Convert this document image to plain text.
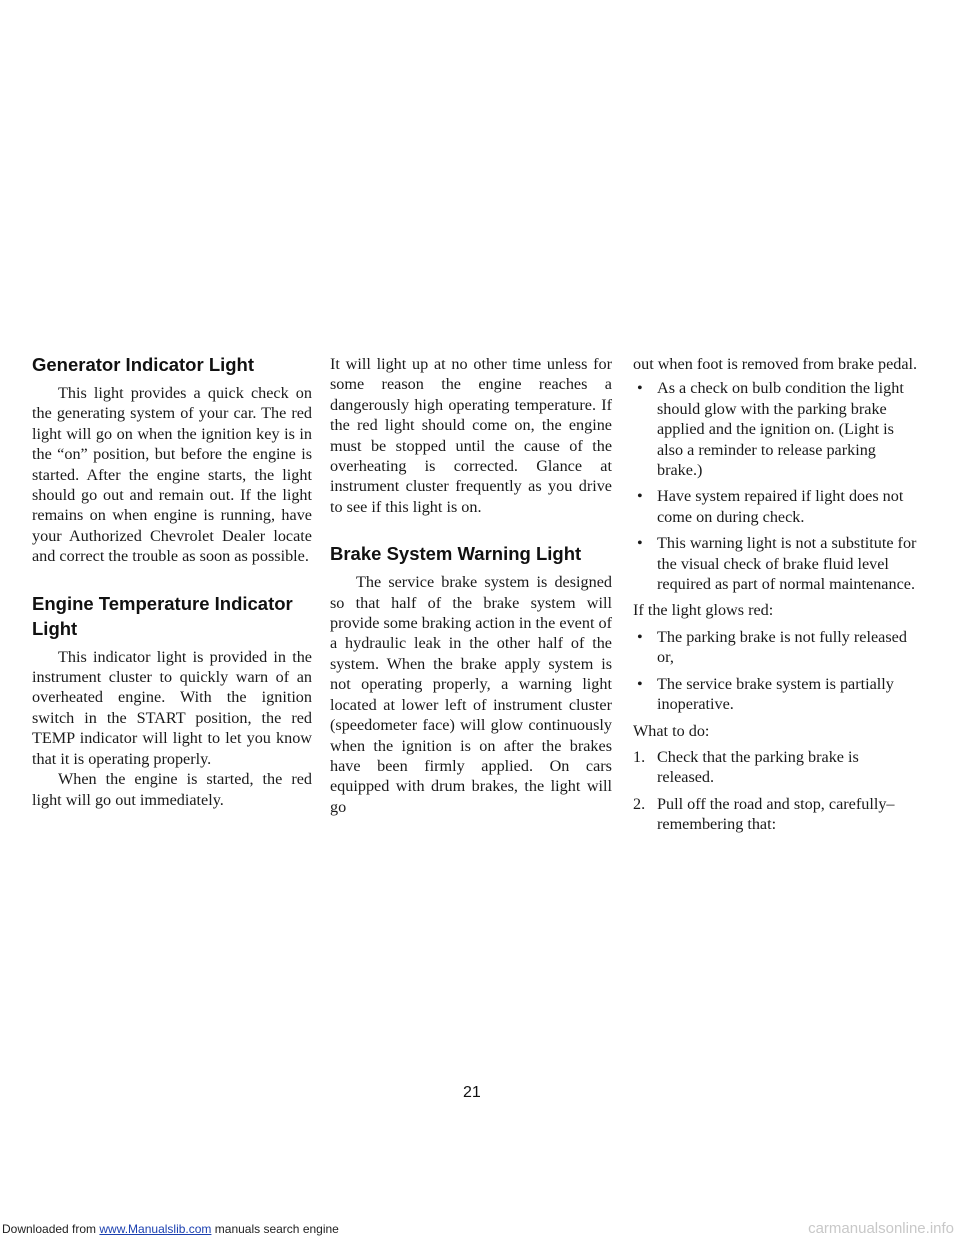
Generator Indicator Light

This light provides a quick check on the generating system of your car. The red light will go on when the ignition key is in the “on” position, but before the engine is started. After the engine starts, the light should go out and remain out. If the light remains on when engine is running, have your Authorized Chevrolet Dealer locate and correct the trouble as soon as possible.

Engine Temperature Indicator Light

This indicator light is provided in the instrument cluster to quickly warn of an overheated engine. With the ignition switch in the START position, the red TEMP indicator will light to let you know that it is operating properly.

When the engine is started, the red light will go out immediately.

It will light up at no other time unless for some reason the engine reaches a dangerously high operating temperature. If the red light should come on, the engine must be stopped until the cause of the overheating is corrected. Glance at instrument cluster frequently as you drive to see if this light is on.

Brake System Warning Light

The service brake system is designed so that half of the brake system will provide some braking action in the event of a hydraulic leak in the other half of the system. When the brake apply system is not operating properly, a warning light located at lower left of instrument cluster (speedometer face) will glow continuously when the ignition is on after the brakes have been firmly applied. On cars equipped with drum brakes, the light will go

out when foot is removed from brake pedal.

• As a check on bulb condition the light should glow with the parking brake applied and the ignition on. (Light is also a reminder to release parking brake.)
• Have system repaired if light does not come on during check.
• This warning light is not a substitute for the visual check of brake fluid level required as part of normal maintenance.

If the light glows red:

• The parking brake is not fully released or,
• The service brake system is partially inoperative.

What to do:

1. Check that the parking brake is released.
2. Pull off the road and stop, carefully–remembering that:
21
Downloaded from www.Manualslib.com manuals search engine	carmanualsonline.info
